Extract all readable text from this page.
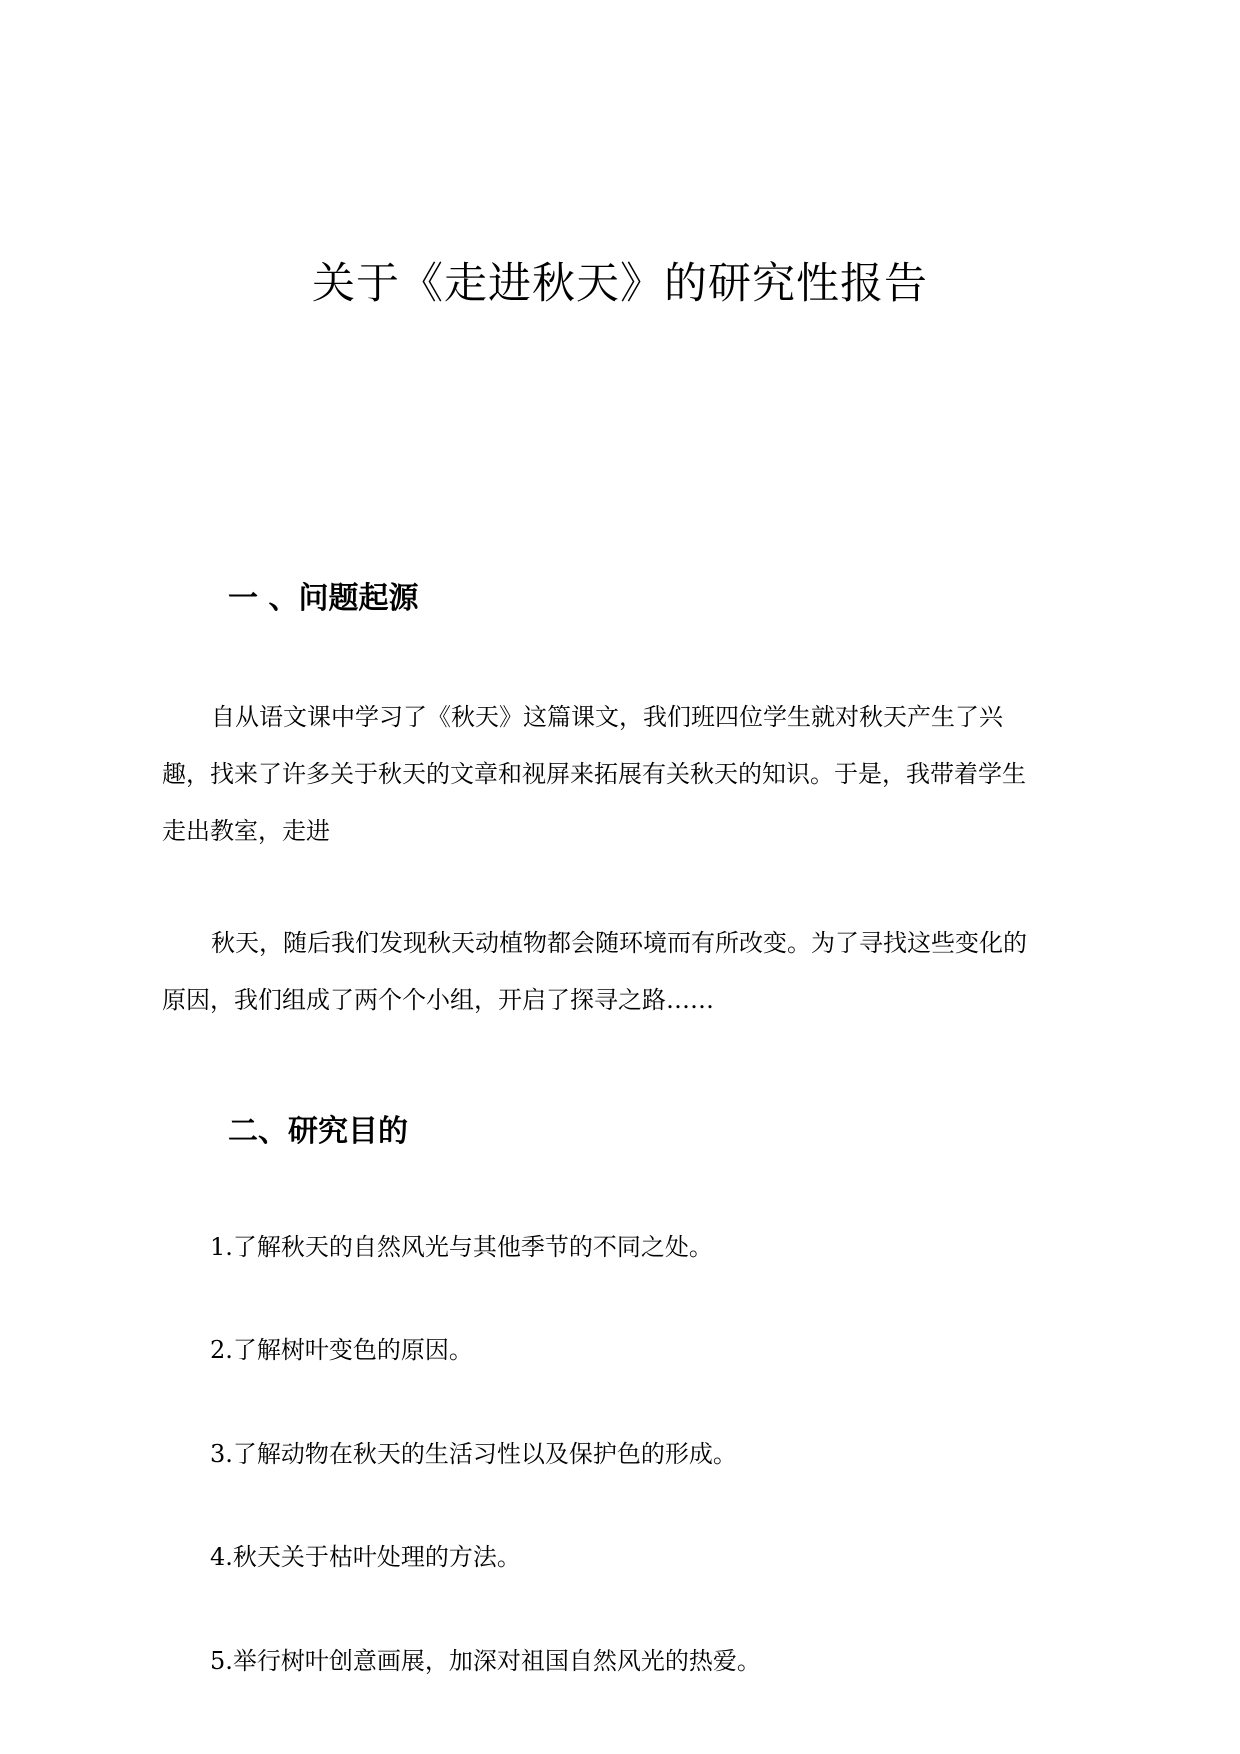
关于《走进秋天》的研究性报告
一 、问题起源
自从语文课中学习了《秋天》这篇课文，我们班四位学生就对秋天产生了兴
趣，找来了许多关于秋天的文章和视屏来拓展有关秋天的知识。于是，我带着学生
走出教室，走进
秋天，随后我们发现秋天动植物都会随环境而有所改变。为了寻找这些变化的
原因，我们组成了两个个小组，开启了探寻之路……
二、研究目的

1.了解秋天的自然风光与其他季节的不同之处。

2.了解树叶变色的原因。

3.了解动物在秋天的生活习性以及保护色的形成。

4.秋天关于枯叶处理的方法。

5.举行树叶创意画展，加深对祖国自然风光的热爱。
